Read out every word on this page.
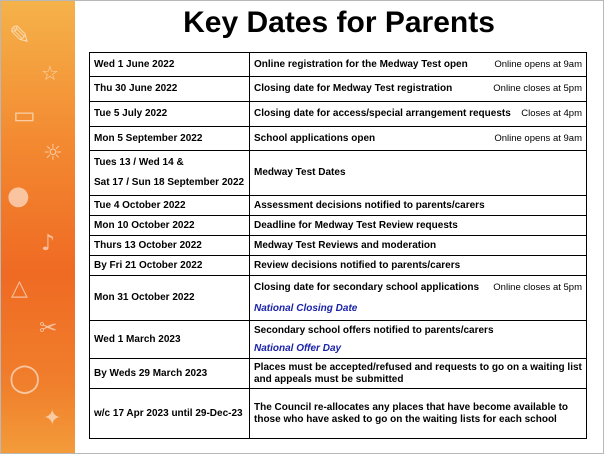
✎
☆
▭
☼
●
♪
△
✂
◯
✦
Key Dates for Parents
Wed 1 June 2022	Online registration for the Medway Test open Online opens at 9am

Thu 30 June 2022	Closing date for Medway Test registration Online closes at 5pm

Tue 5 July 2022	Closing date for access/special arrangement requests Closes at 4pm

Mon 5 September 2022	School applications open Online opens at 9am

Tues 13 / Wed 14 &
Sat 17 / Sun 18 September 2022	Medway Test Dates
Tue 4 October 2022	Assessment decisions notified to parents/carers
Mon 10 October 2022	Deadline for Medway Test Review requests
Thurs 13 October 2022	Medway Test Reviews and moderation
By Fri 21 October 2022	Review decisions notified to parents/carers
Mon 31 October 2022	Closing date for secondary school applications Online closes at 5pm
National Closing Date

Wed 1 March 2023	Secondary school offers notified to parents/carers
National Offer Day

By Weds 29 March 2023	Places must be accepted/refused and requests to go on a waiting list and appeals must be submitted
w/c 17 Apr 2023 until 29-Dec-23	The Council re-allocates any places that have become available to those who have asked to go on the waiting lists for each school
